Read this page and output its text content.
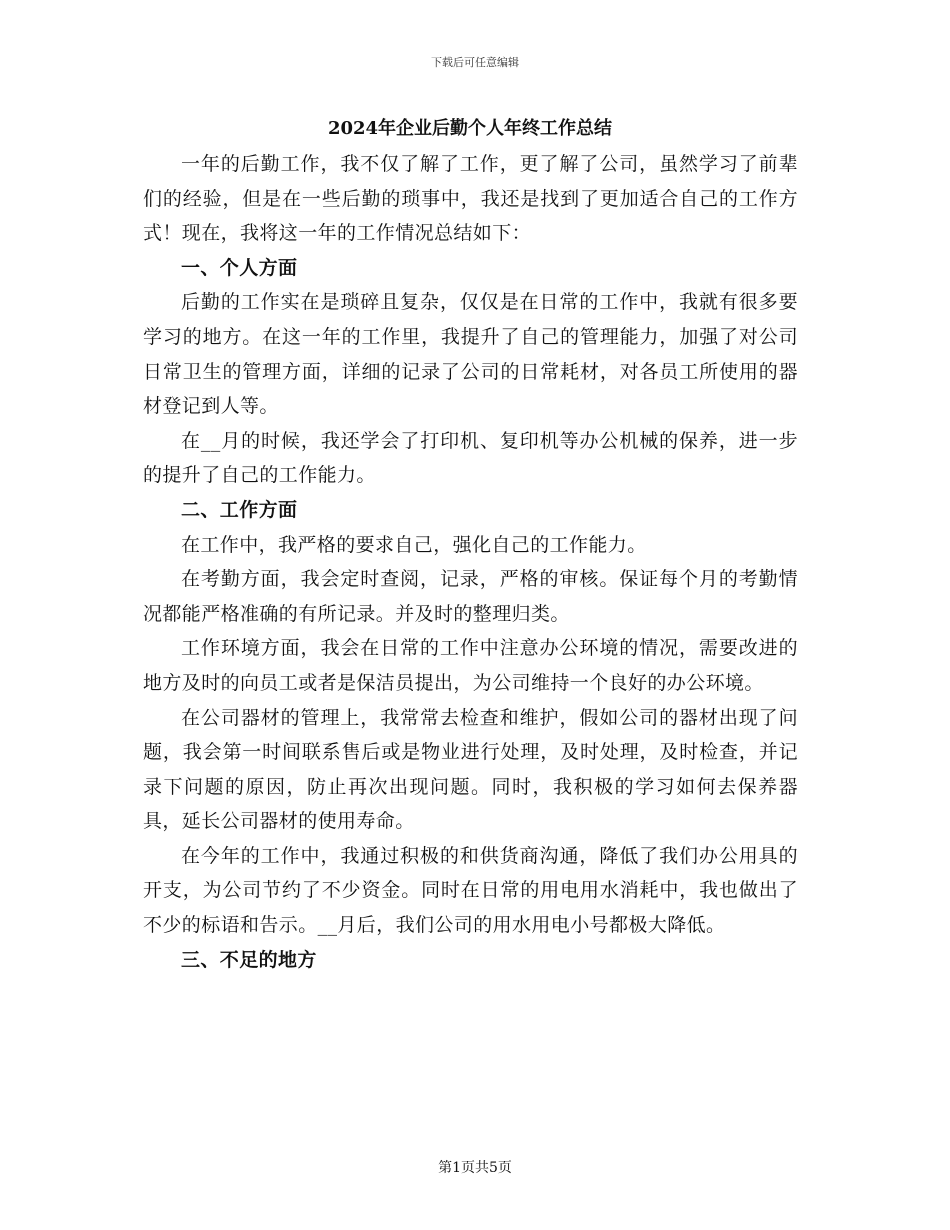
下载后可任意编辑
2024年企业后勤个人年终工作总结

一年的后勤工作，我不仅了解了工作，更了解了公司，虽然学习了前辈们的经验，但是在一些后勤的琐事中，我还是找到了更加适合自己的工作方式！现在，我将这一年的工作情况总结如下：

一、个人方面

后勤的工作实在是琐碎且复杂，仅仅是在日常的工作中，我就有很多要学习的地方。在这一年的工作里，我提升了自己的管理能力，加强了对公司日常卫生的管理方面，详细的记录了公司的日常耗材，对各员工所使用的器材登记到人等。

在__月的时候，我还学会了打印机、复印机等办公机械的保养，进一步的提升了自己的工作能力。

二、工作方面

在工作中，我严格的要求自己，强化自己的工作能力。

在考勤方面，我会定时查阅，记录，严格的审核。保证每个月的考勤情况都能严格准确的有所记录。并及时的整理归类。

工作环境方面，我会在日常的工作中注意办公环境的情况，需要改进的地方及时的向员工或者是保洁员提出，为公司维持一个良好的办公环境。

在公司器材的管理上，我常常去检查和维护，假如公司的器材出现了问题，我会第一时间联系售后或是物业进行处理，及时处理，及时检查，并记录下问题的原因，防止再次出现问题。同时，我积极的学习如何去保养器具，延长公司器材的使用寿命。

在今年的工作中，我通过积极的和供货商沟通，降低了我们办公用具的开支，为公司节约了不少资金。同时在日常的用电用水消耗中，我也做出了不少的标语和告示。__月后，我们公司的用水用电小号都极大降低。

三、不足的地方

第1页共5页
